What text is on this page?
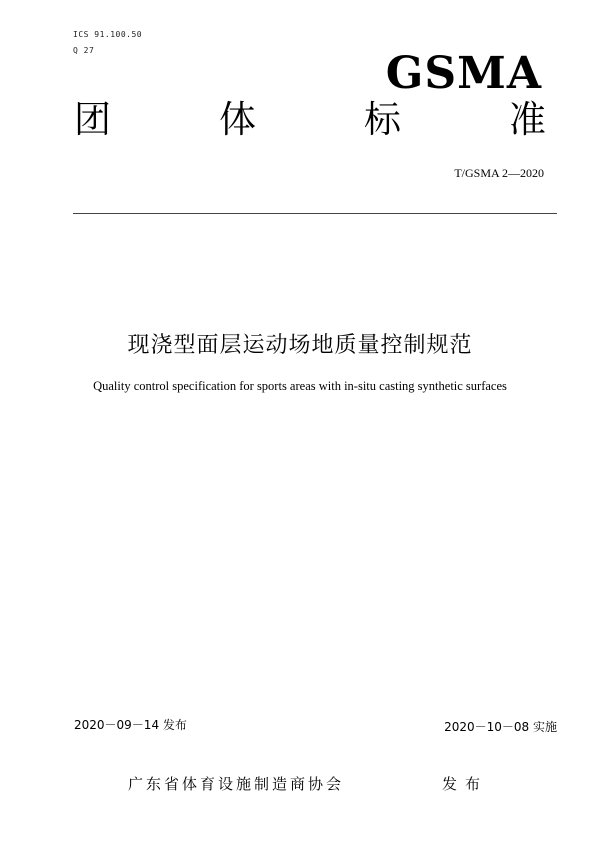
ICS 91.100.50
Q 27	GSMA
团	体	标	准
T/GSMA 2—2020
现浇型面层运动场地质量控制规范
Quality control specification for sports areas with in-situ casting synthetic surfaces
2020－09－14 发布	2020－10－08 实施
广东省体育设施制造商协会	发布
